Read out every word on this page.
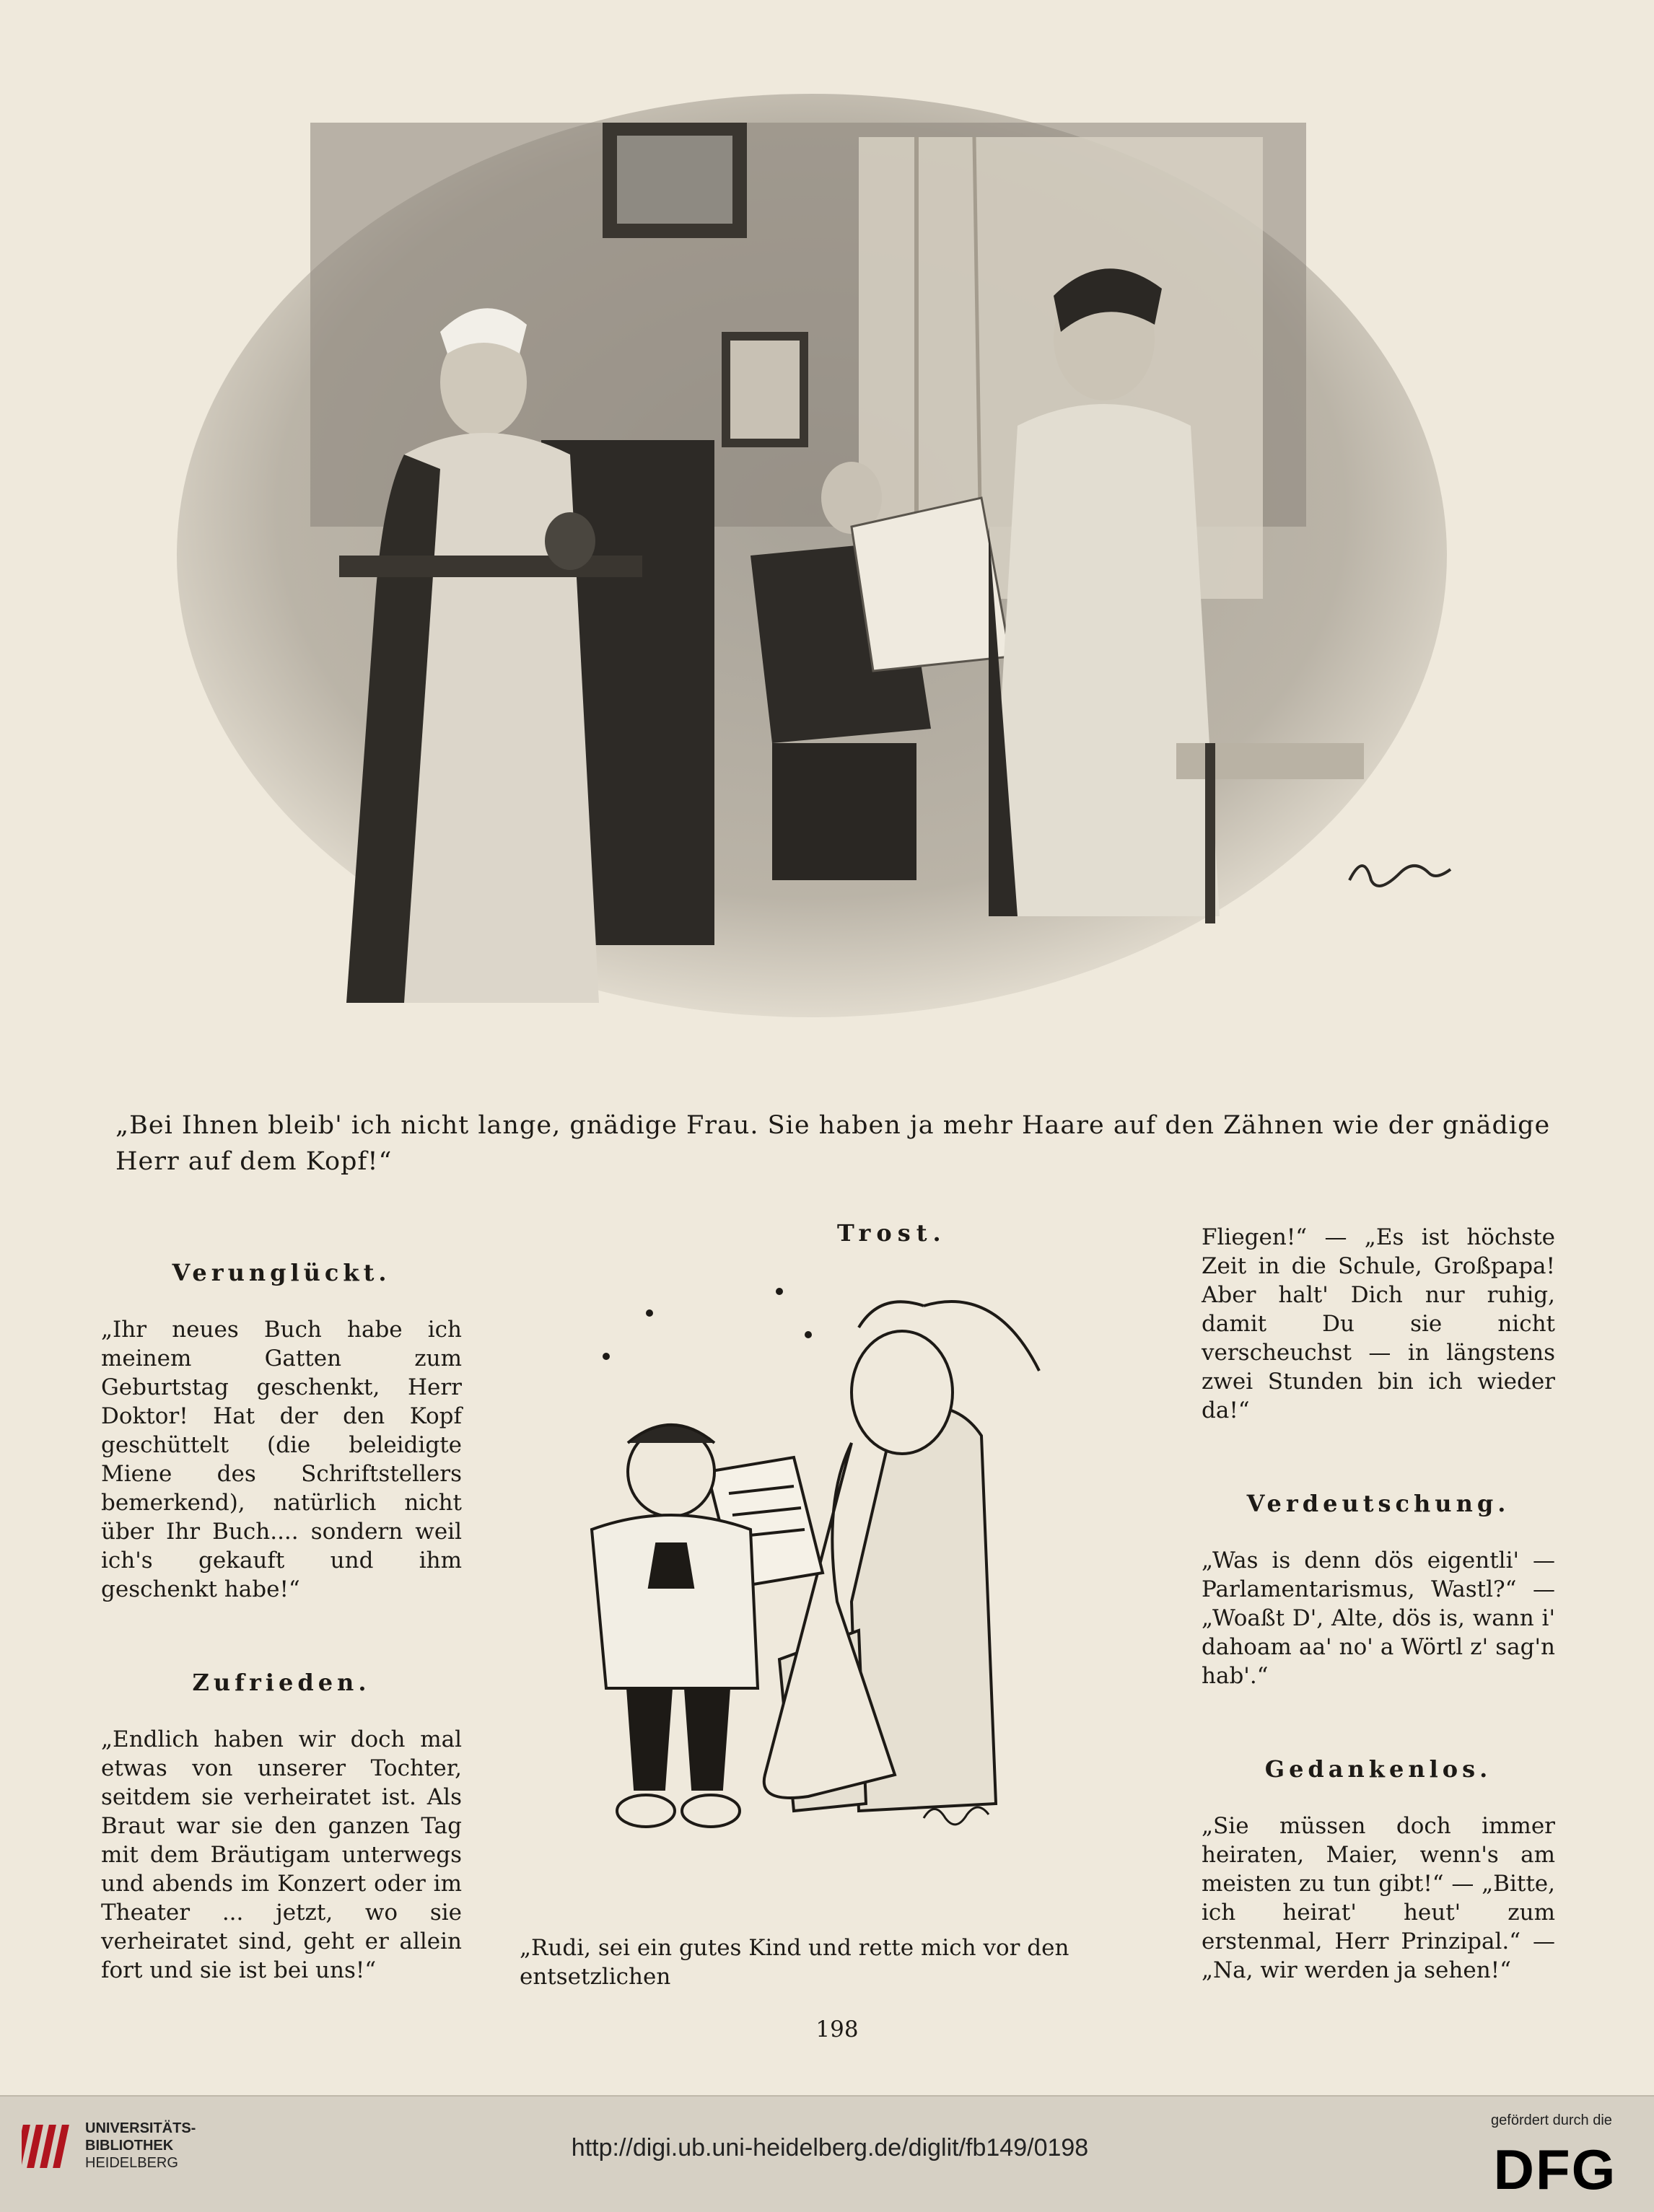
„Bei Ihnen bleib' ich nicht lange, gnädige Frau. Sie haben ja mehr Haare auf den Zähnen wie der gnädige Herr auf dem Kopf!“

Verunglückt.

„Ihr neues Buch habe ich meinem Gatten zum Geburtstag geschenkt, Herr Doktor! Hat der den Kopf geschüttelt (die beleidigte Miene des Schriftstellers bemerkend), natürlich nicht über Ihr Buch.... sondern weil ich's gekauft und ihm geschenkt habe!“

Zufrieden.

„Endlich haben wir doch mal etwas von unserer Tochter, seitdem sie verheiratet ist. Als Braut war sie den ganzen Tag mit dem Bräutigam unterwegs und abends im Konzert oder im Theater ... jetzt, wo sie verheiratet sind, geht er allein fort und sie ist bei uns!“

Trost.
„Rudi, sei ein gutes Kind und rette mich vor den entsetzlichen

Fliegen!“ — „Es ist höchste Zeit in die Schule, Großpapa! Aber halt' Dich nur ruhig, damit Du sie nicht verscheuchst — in längstens zwei Stunden bin ich wieder da!“

Verdeutschung.

„Was is denn dös eigentli' — Parlamentarismus, Wastl?“ — „Woaßt D', Alte, dös is, wann i' dahoam aa' no' a Wörtl z' sag'n hab'.“

Gedankenlos.

„Sie müssen doch immer heiraten, Maier, wenn's am meisten zu tun gibt!“ — „Bitte, ich heirat' heut' zum erstenmal, Herr Prinzipal.“ — „Na, wir werden ja sehen!“

198
UNIVERSITÄTS-
BIBLIOTHEK
HEIDELBERG
http://digi.ub.uni-heidelberg.de/diglit/fb149/0198
gefördert durch die
DFG
